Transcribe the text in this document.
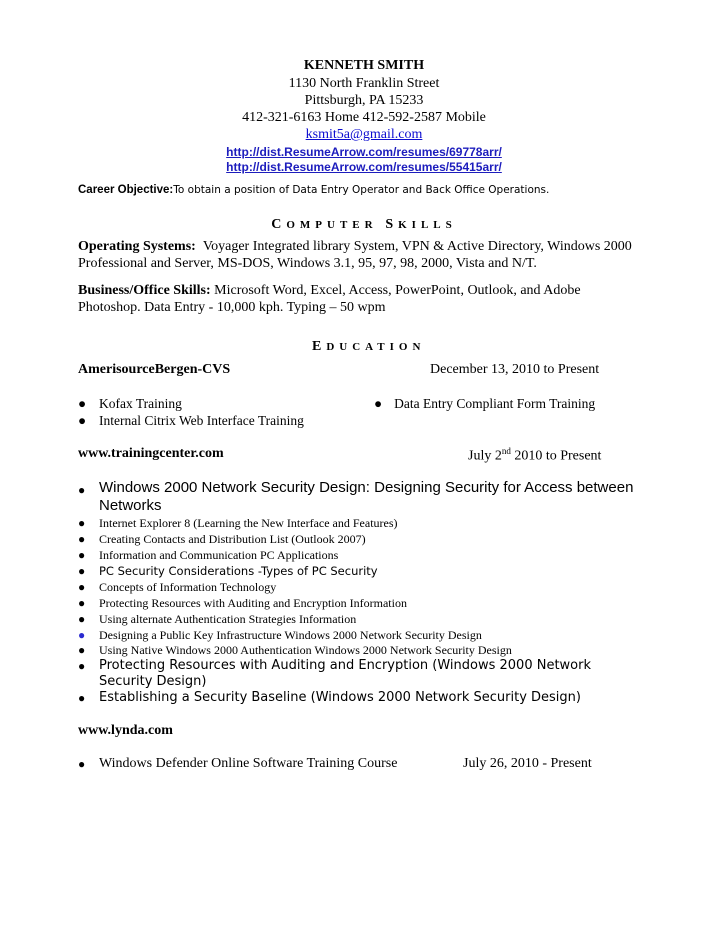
KENNETH SMITH
1130 North Franklin Street
Pittsburgh, PA 15233
412-321-6163 Home 412-592-2587 Mobile
ksmit5a@gmail.com
http://dist.ResumeArrow.com/resumes/69778arr/
http://dist.ResumeArrow.com/resumes/55415arr/
Career Objective:To obtain a position of Data Entry Operator and Back Office Operations.
COMPUTER SKILLS
Operating Systems: Voyager Integrated library System, VPN & Active Directory, Windows 2000
Professional and Server, MS-DOS, Windows 3.1, 95, 97, 98, 2000, Vista and N/T.
Business/Office Skills: Microsoft Word, Excel, Access, PowerPoint, Outlook, and Adobe
Photoshop. Data Entry - 10,000 kph. Typing – 50 wpm
EDUCATION
AmerisourceBergen-CVS	December 13, 2010 to Present
● Kofax Training
● Internal Citrix Web Interface Training
● Data Entry Compliant Form Training
www.trainingcenter.com	July 2nd 2010 to Present
● Windows 2000 Network Security Design: Designing Security for Access between
Networks
● Internet Explorer 8 (Learning the New Interface and Features)
● Creating Contacts and Distribution List (Outlook 2007)
● Information and Communication PC Applications
● PC Security Considerations -Types of PC Security
● Concepts of Information Technology
● Protecting Resources with Auditing and Encryption Information
● Using alternate Authentication Strategies Information
● Designing a Public Key Infrastructure Windows 2000 Network Security Design
● Using Native Windows 2000 Authentication Windows 2000 Network Security Design
● Protecting Resources with Auditing and Encryption (Windows 2000 Network
Security Design)
● Establishing a Security Baseline (Windows 2000 Network Security Design)
www.lynda.com
● Windows Defender Online Software Training Course	July 26, 2010 - Present
